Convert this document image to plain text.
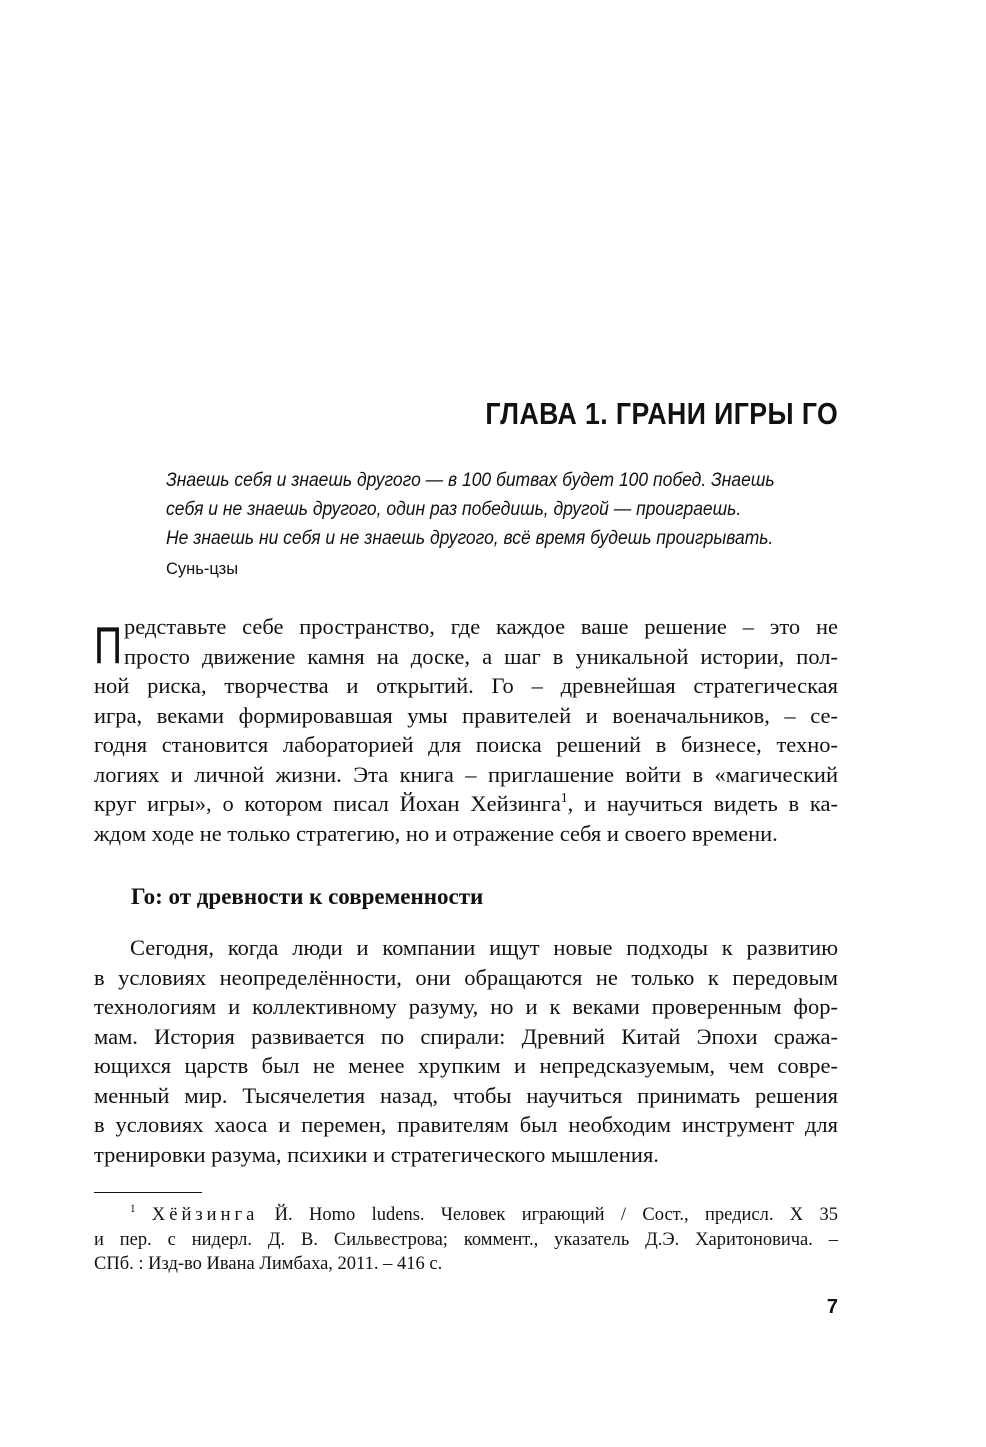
ГЛАВА 1. ГРАНИ ИГРЫ ГО
Знаешь себя и знаешь другого — в 100 битвах будет 100 побед. Знаешь
себя и не знаешь другого, один раз победишь, другой — проиграешь.
Не знаешь ни себя и не знаешь другого, всё время будешь проигрывать.
Сунь-цзы
П редставьте себе пространство, где каждое ваше решение – это не
просто движение камня на доске, а шаг в уникальной истории, пол-
ной риска, творчества и открытий. Го – древнейшая стратегическая
игра, веками формировавшая умы правителей и военачальников, – се-
годня становится лабораторией для поиска решений в бизнесе, техно-
логиях и личной жизни. Эта книга – приглашение войти в «магический
круг игры», о котором писал Йохан Хейзинга$^1$, и научиться видеть в ка-
ждом ходе не только стратегию, но и отражение себя и своего времени.
Го: от древности к современности
Сегодня, когда люди и компании ищут новые подходы к развитию
в условиях неопределённости, они обращаются не только к передовым
технологиям и коллективному разуму, но и к веками проверенным фор-
мам. История развивается по спирали: Древний Китай Эпохи сража-
ющихся царств был не менее хрупким и непредсказуемым, чем совре-
менный мир. Тысячелетия назад, чтобы научиться принимать решения
в условиях хаоса и перемен, правителям был необходим инструмент для
тренировки разума, психики и стратегического мышления.
$^1$ Хёйзинга Й. Homo ludens. Человек играющий / Сост., предисл. Х 35
и пер. с нидерл. Д. В. Сильвестрова; коммент., указатель Д.Э. Харитоновича. –
СПб. : Изд-во Ивана Лимбаха, 2011. – 416 с.
7
